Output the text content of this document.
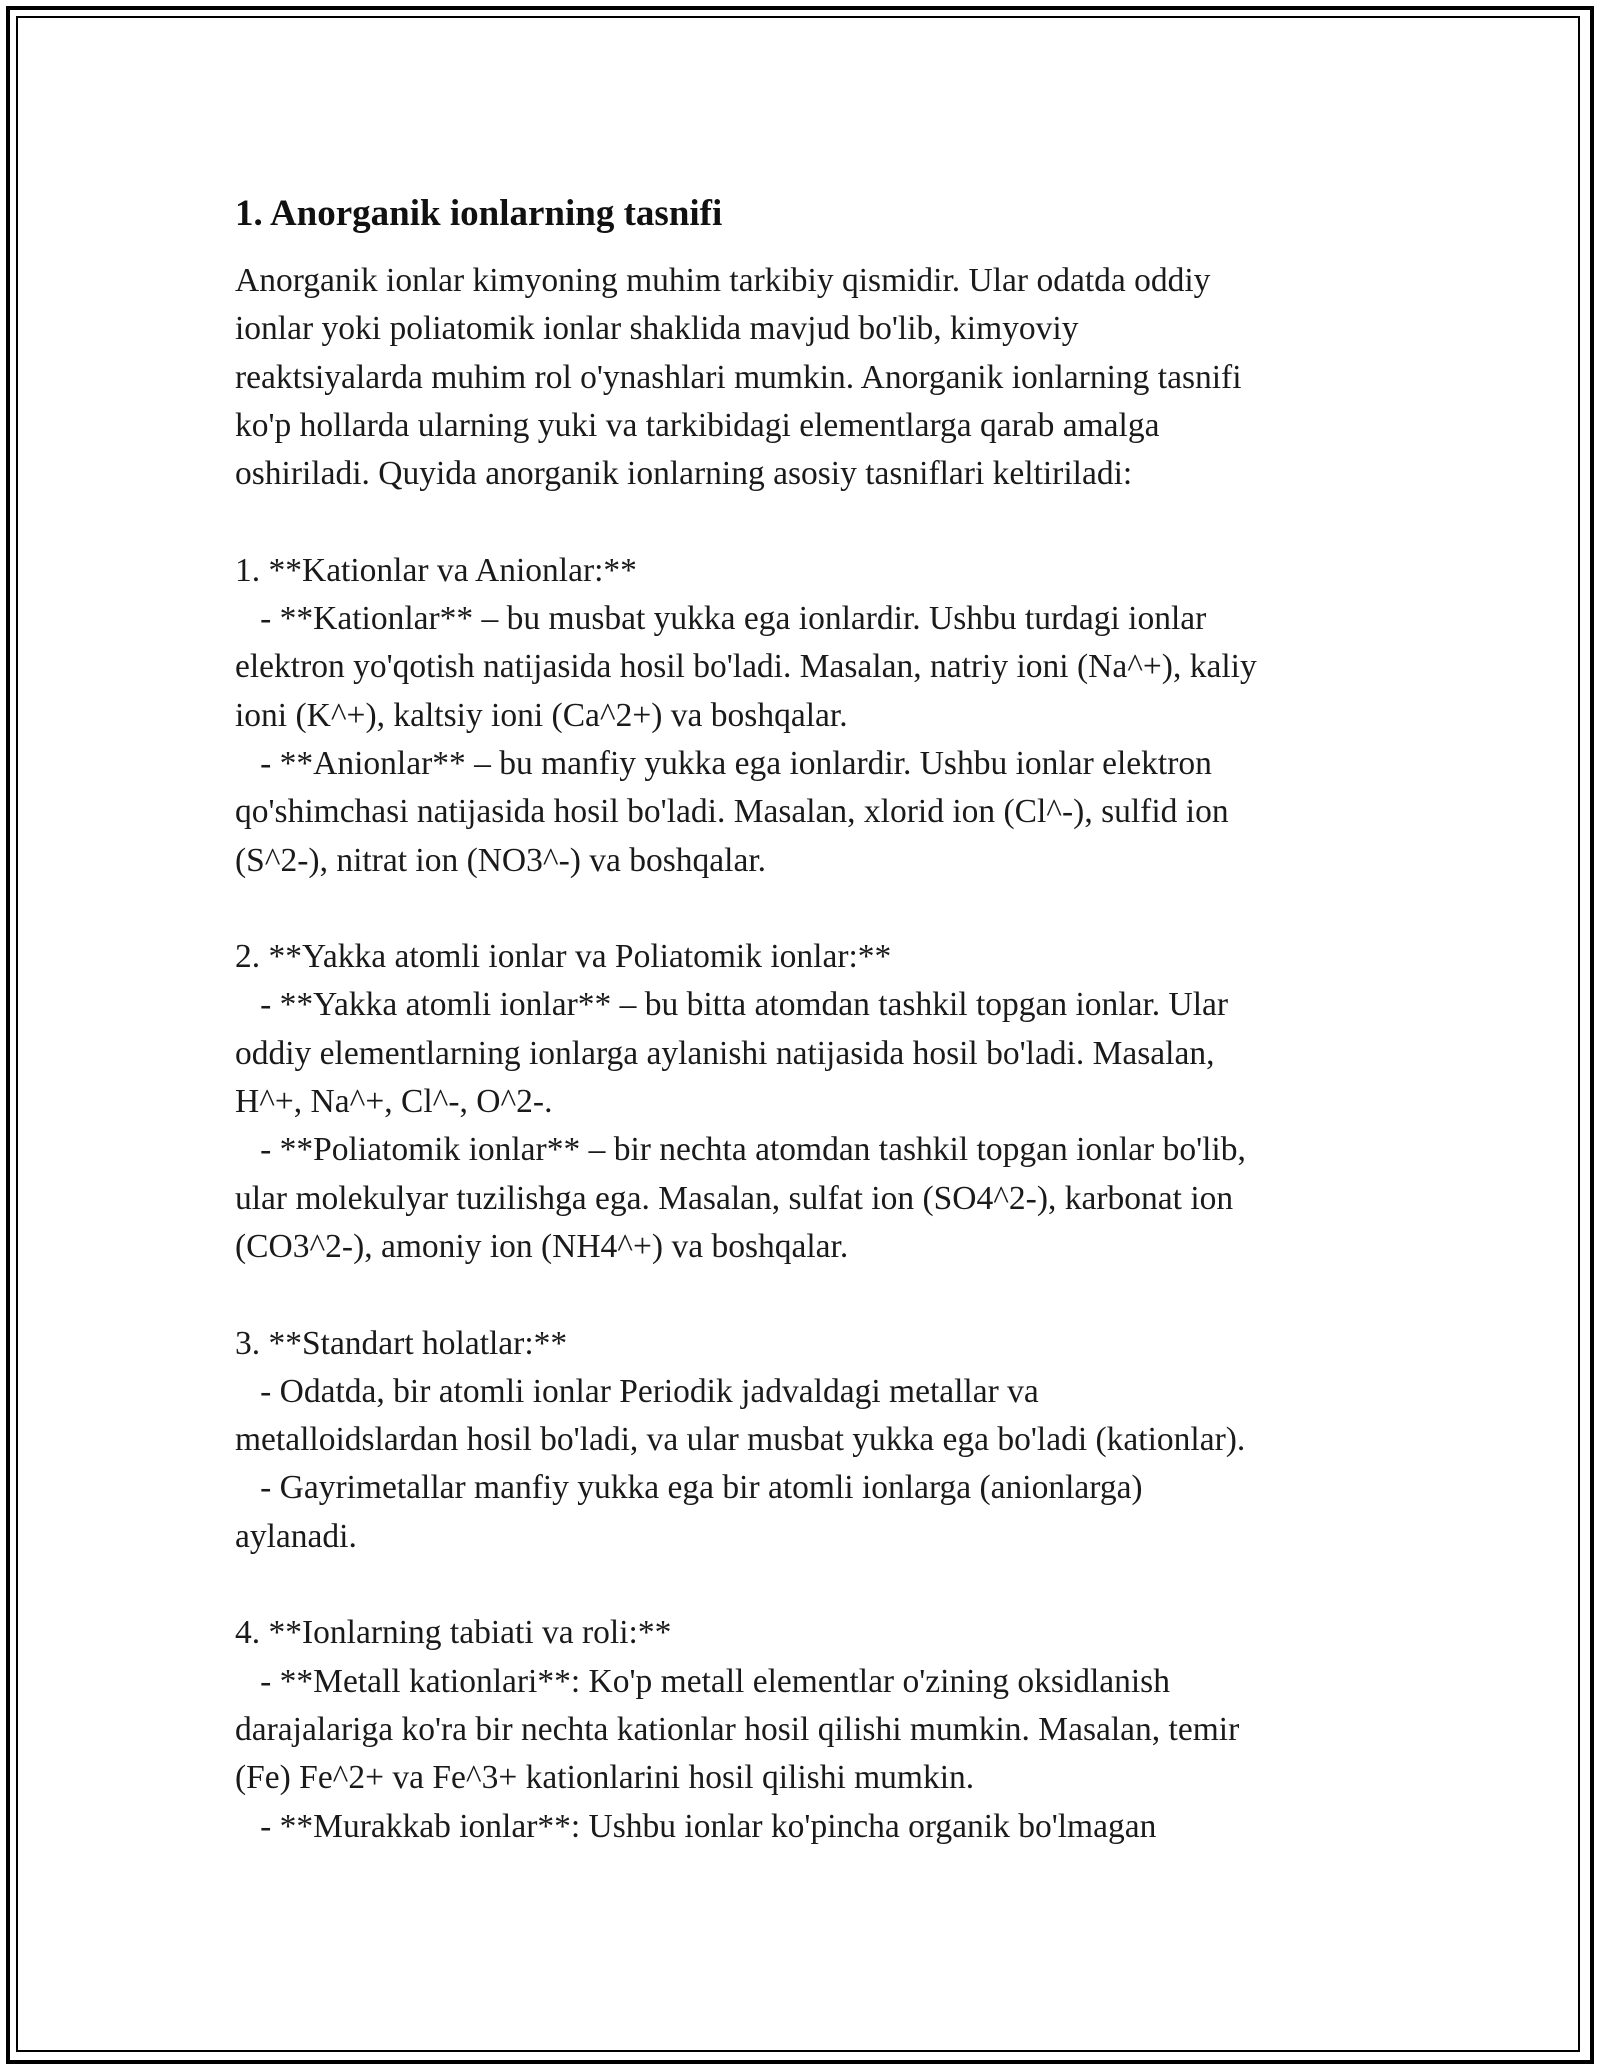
1. Anorganik ionlarning tasnifi
Anorganik ionlar kimyoning muhim tarkibiy qismidir. Ular odatda oddiy
ionlar yoki poliatomik ionlar shaklida mavjud bo'lib, kimyoviy
reaktsiyalarda muhim rol o'ynashlari mumkin. Anorganik ionlarning tasnifi
ko'p hollarda ularning yuki va tarkibidagi elementlarga qarab amalga
oshiriladi. Quyida anorganik ionlarning asosiy tasniflari keltiriladi:

1. **Kationlar va Anionlar:**
- **Kationlar** – bu musbat yukka ega ionlardir. Ushbu turdagi ionlar
elektron yo'qotish natijasida hosil bo'ladi. Masalan, natriy ioni (Na^+), kaliy
ioni (K^+), kaltsiy ioni (Ca^2+) va boshqalar.
- **Anionlar** – bu manfiy yukka ega ionlardir. Ushbu ionlar elektron
qo'shimchasi natijasida hosil bo'ladi. Masalan, xlorid ion (Cl^-), sulfid ion
(S^2-), nitrat ion (NO3^-) va boshqalar.

2. **Yakka atomli ionlar va Poliatomik ionlar:**
- **Yakka atomli ionlar** – bu bitta atomdan tashkil topgan ionlar. Ular
oddiy elementlarning ionlarga aylanishi natijasida hosil bo'ladi. Masalan,
H^+, Na^+, Cl^-, O^2-.
- **Poliatomik ionlar** – bir nechta atomdan tashkil topgan ionlar bo'lib,
ular molekulyar tuzilishga ega. Masalan, sulfat ion (SO4^2-), karbonat ion
(CO3^2-), amoniy ion (NH4^+) va boshqalar.

3. **Standart holatlar:**
- Odatda, bir atomli ionlar Periodik jadvaldagi metallar va
metalloidslardan hosil bo'ladi, va ular musbat yukka ega bo'ladi (kationlar).
- Gayrimetallar manfiy yukka ega bir atomli ionlarga (anionlarga)
aylanadi.

4. **Ionlarning tabiati va roli:**
- **Metall kationlari**: Ko'p metall elementlar o'zining oksidlanish
darajalariga ko'ra bir nechta kationlar hosil qilishi mumkin. Masalan, temir
(Fe) Fe^2+ va Fe^3+ kationlarini hosil qilishi mumkin.
- **Murakkab ionlar**: Ushbu ionlar ko'pincha organik bo'lmagan
